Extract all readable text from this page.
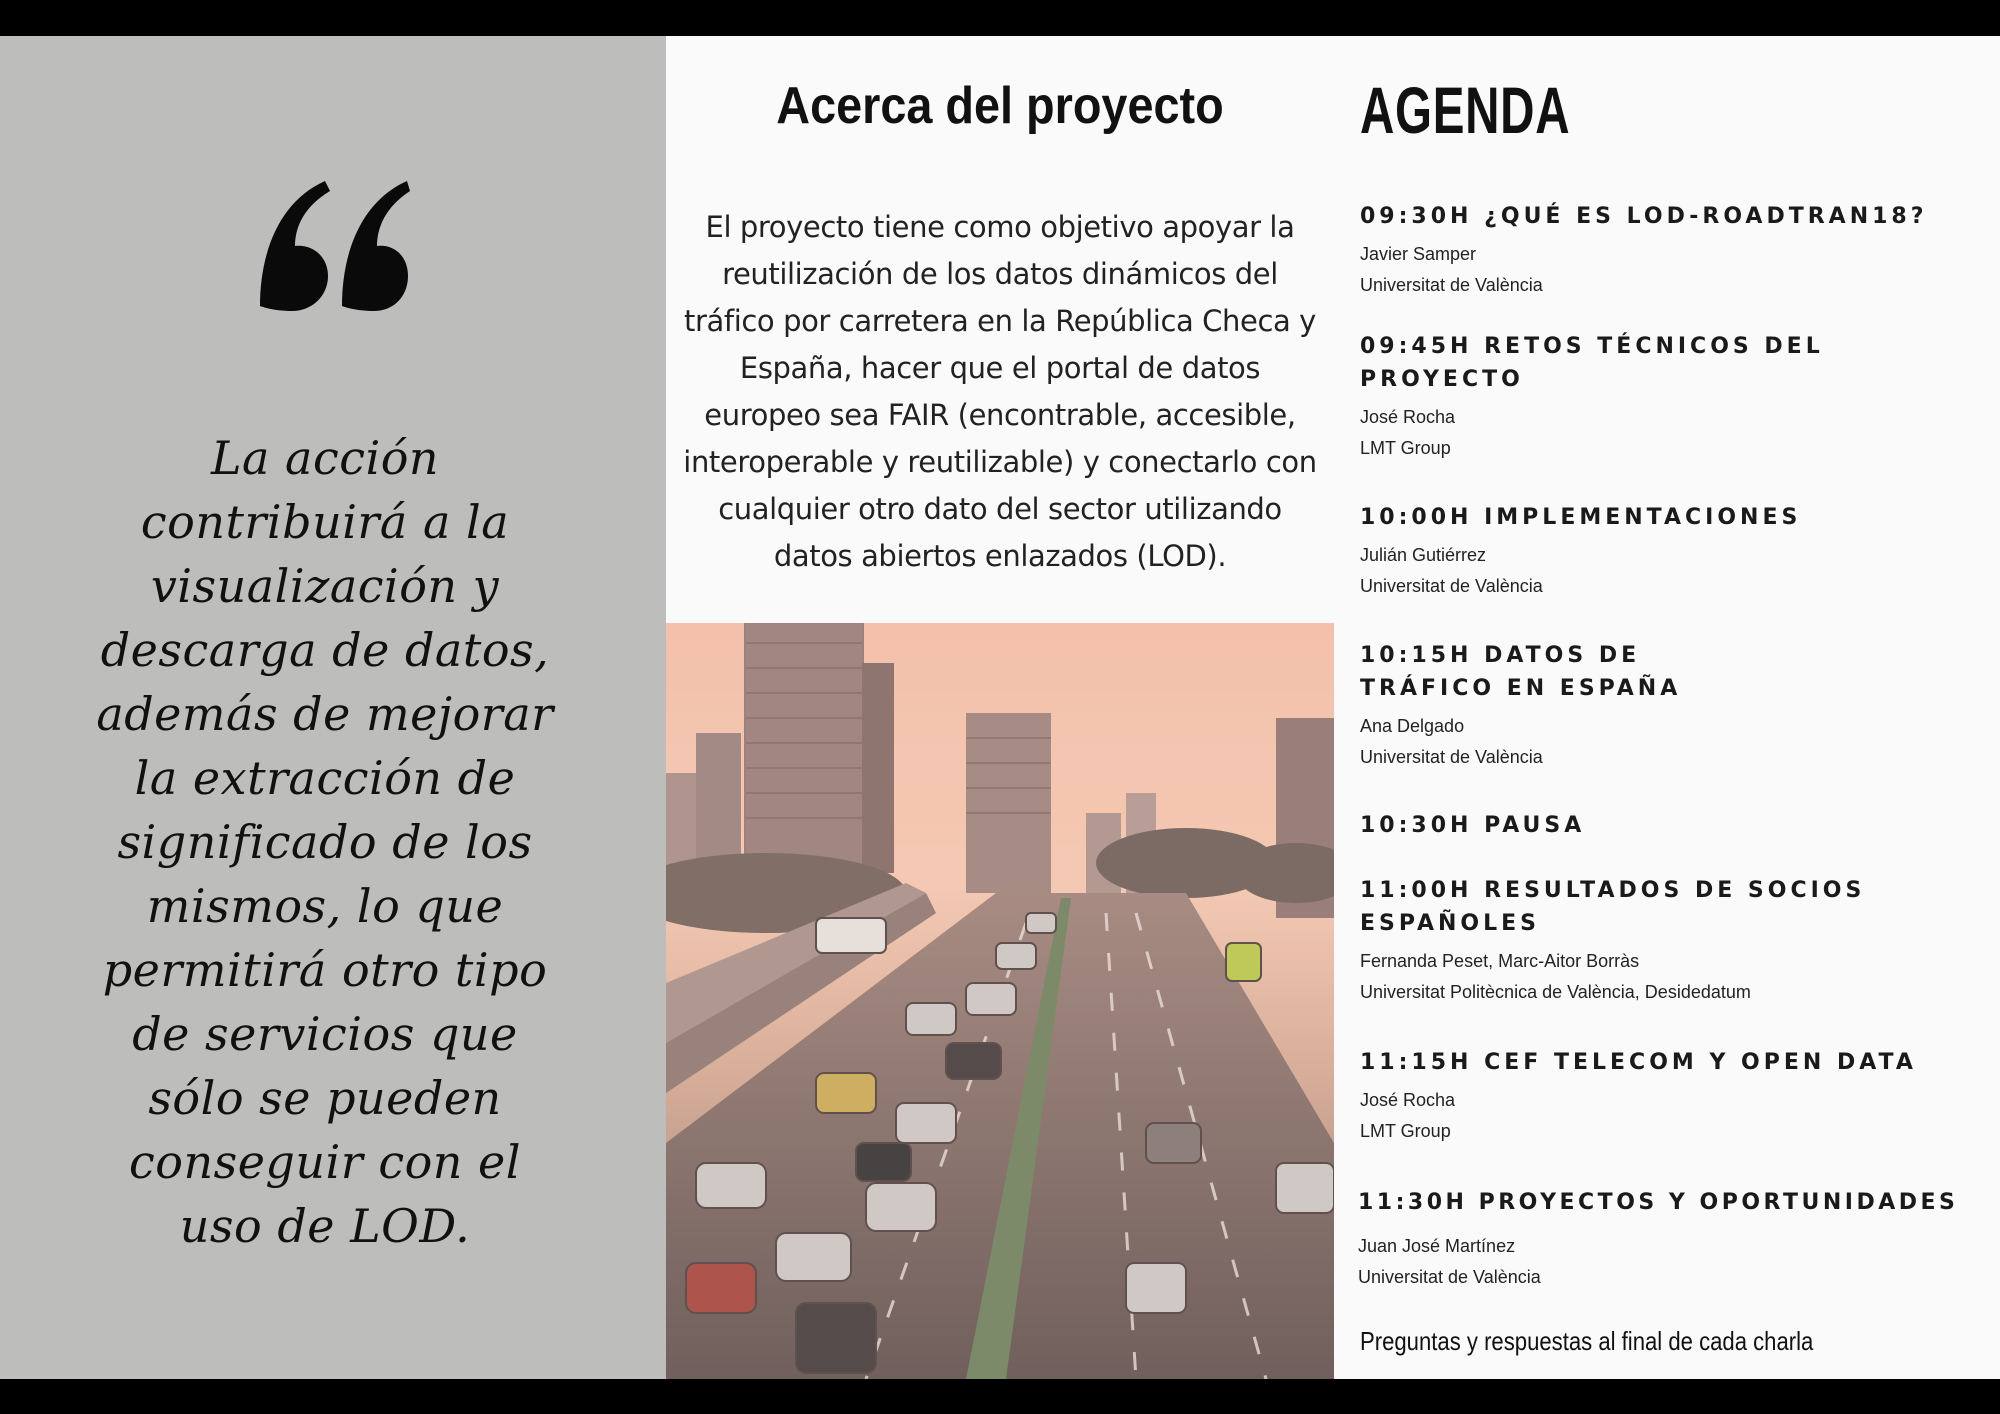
La acción contribuirá a la visualización y descarga de datos, además de mejorar la extracción de significado de los mismos, lo que permitirá otro tipo de servicios que sólo se pueden conseguir con el uso de LOD.
Acerca del proyecto
El proyecto tiene como objetivo apoyar la reutilización de los datos dinámicos del tráfico por carretera en la República Checa y España, hacer que el portal de datos europeo sea FAIR (encontrable, accesible, interoperable y reutilizable) y conectarlo con cualquier otro dato del sector utilizando datos abiertos enlazados (LOD).
AGENDA
09:30H ¿QUÉ ES LOD-ROADTRAN18?
Javier Samper
Universitat de València
09:45H RETOS TÉCNICOS DEL PROYECTO
José Rocha
LMT Group
10:00H IMPLEMENTACIONES
Julián Gutiérrez
Universitat de València
10:15H DATOS DE TRÁFICO EN ESPAÑA
Ana Delgado
Universitat de València
10:30H PAUSA
11:00H RESULTADOS DE SOCIOS ESPAÑOLES
Fernanda Peset, Marc-Aitor Borràs
Universitat Politècnica de València, Desidedatum
11:15H CEF TELECOM Y OPEN DATA
José Rocha
LMT Group
11:30H PROYECTOS Y OPORTUNIDADES
Juan José Martínez
Universitat de València
Preguntas y respuestas al final de cada charla
